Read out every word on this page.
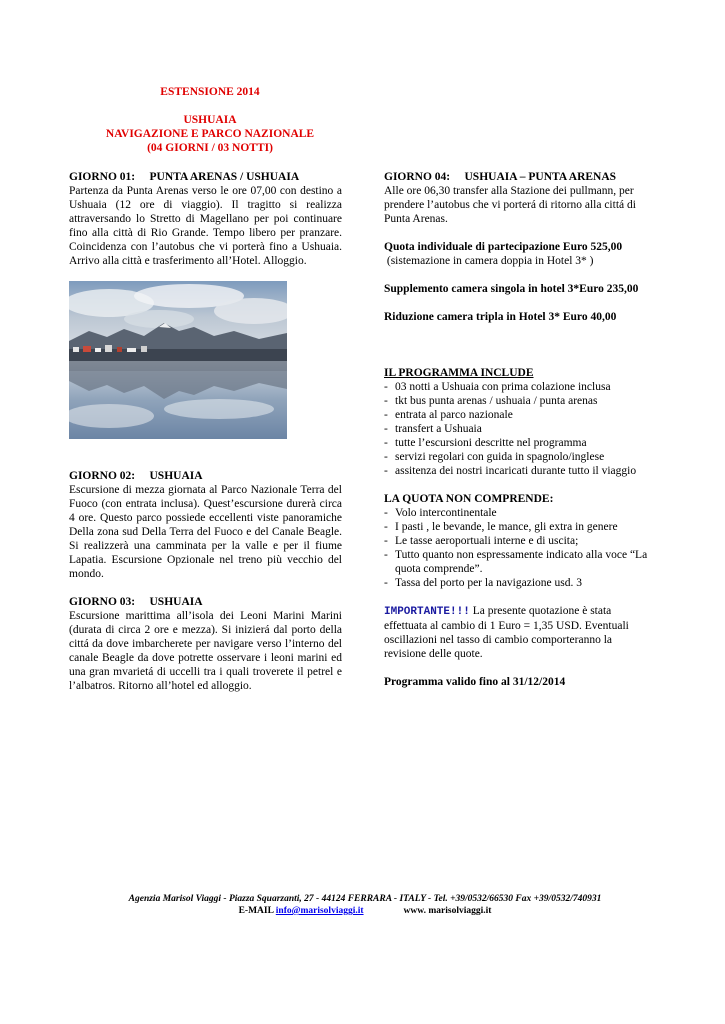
ESTENSIONE 2014
USHUAIA
NAVIGAZIONE E PARCO NAZIONALE
(04 GIORNI / 03 NOTTI)

GIORNO 01:     PUNTA ARENAS / USHUAIA

Partenza da Punta Arenas verso le ore 07,00 con destino a Ushuaia (12 ore di viaggio). Il tragitto si realizza attraversando lo Stretto di Magellano per poi continuare fino alla città di Rio Grande. Tempo libero per pranzare. Coincidenza con l’autobus che vi porterà fino a Ushuaia. Arrivo alla città e trasferimento all’Hotel. Alloggio.

GIORNO 02:     USHUAIA

Escursione di mezza giornata al Parco Nazionale Terra del Fuoco (con entrata inclusa). Quest’escursione durerà circa 4 ore. Questo parco possiede eccellenti viste panoramiche Della zona sud Della Terra del Fuoco e del Canale Beagle. Si realizzerà una camminata per la valle e per il fiume Lapatia. Escursione Opzionale nel treno più vecchio del mondo.

GIORNO 03:     USHUAIA

Escursione marittima all’isola dei Leoni Marini Marini (durata di circa 2 ore e mezza). Si inizierá dal porto della cittá da dove imbarcherete per navigare verso l’interno del canale Beagle da dove potrette osservare i leoni marini ed una gran mvarietá di uccelli tra i quali troverete il petrel e l’albatros. Ritorno all’hotel ed alloggio.

GIORNO 04:     USHUAIA – PUNTA ARENAS

Alle ore 06,30 transfer alla Stazione dei pullmann, per prendere l’autobus che vi porterá di ritorno alla cittá di Punta Arenas.

Quota individuale di partecipazione Euro 525,00

(sistemazione in camera doppia in Hotel 3* )

Supplemento camera singola in hotel 3*Euro 235,00

Riduzione camera tripla in Hotel 3* Euro 40,00

IL PROGRAMMA INCLUDE

- 03 notti a Ushuaia con prima colazione inclusa
- tkt bus punta arenas / ushuaia / punta arenas
- entrata al parco nazionale
- transfert a Ushuaia
- tutte l’escursioni descritte nel programma
- servizi regolari con guida in spagnolo/inglese
- assitenza dei nostri incaricati durante tutto il viaggio

LA QUOTA NON COMPRENDE:

- Volo intercontinentale
- I pasti , le bevande, le mance, gli extra in genere
- Le tasse aeroportuali interne e di uscita;
- Tutto quanto non espressamente indicato alla voce “La quota comprende”.
- Tassa del porto per la navigazione usd. 3

IMPORTANTE!!! La presente quotazione è stata effettuata al cambio di 1 Euro = 1,35 USD. Eventuali oscillazioni nel tasso di cambio comporteranno la revisione delle quote.

Programma valido fino al 31/12/2014

Agenzia Marisol Viaggi - Piazza Squarzanti, 27 - 44124 FERRARA - ITALY - Tel. +39/0532/66530 Fax +39/0532/740931
E-MAIL info@marisolviaggi.it	www. marisolviaggi.it
